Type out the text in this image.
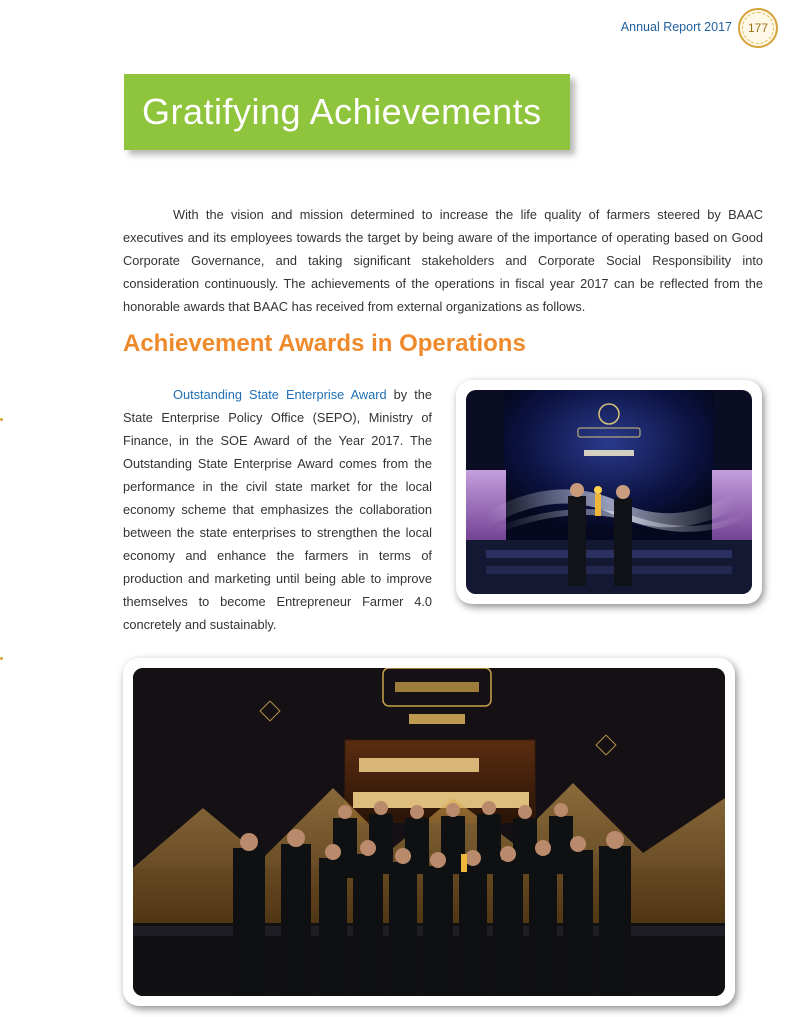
Annual Report 2017 177
Gratifying Achievements

With the vision and mission determined to increase the life quality of farmers steered by BAAC executives and its employees towards the target by being aware of the importance of operating based on Good Corporate Governance, and taking significant stakeholders and Corporate Social Responsibility into consideration continuously. The achievements of the operations in fiscal year 2017 can be reflected from the honorable awards that BAAC has received from external organizations as follows.

Achievement Awards in Operations

Outstanding State Enterprise Award by the State Enterprise Policy Office (SEPO), Ministry of Finance, in the SOE Award of the Year 2017. The Outstanding State Enterprise Award comes from the performance in the civil state market for the local economy scheme that emphasizes the collaboration between the state enterprises to strengthen the local economy and enhance the farmers in terms of production and marketing until being able to improve themselves to become Entrepreneur Farmer 4.0 concretely and sustainably.
